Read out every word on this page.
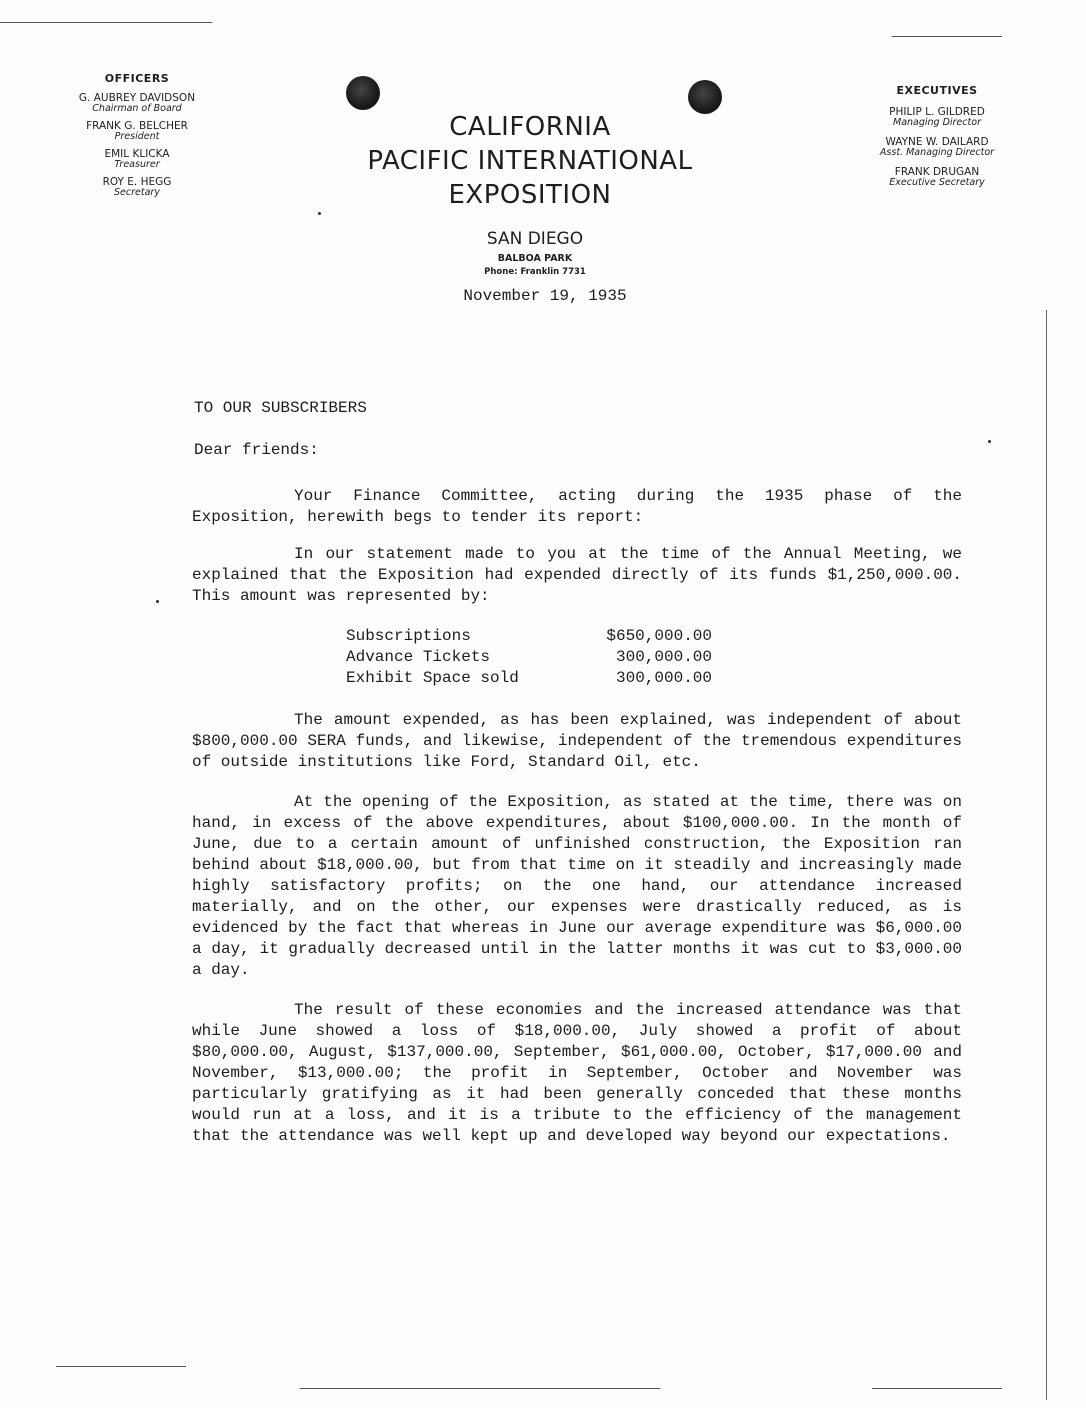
OFFICERS
G. AUBREY DAVIDSON
Chairman of Board
FRANK G. BELCHER
President
EMIL KLICKA
Treasurer
ROY E. HEGG
Secretary
CALIFORNIA
PACIFIC INTERNATIONAL
EXPOSITION
EXECUTIVES
PHILIP L. GILDRED
Managing Director
WAYNE W. DAILARD
Asst. Managing Director
FRANK DRUGAN
Executive Secretary
SAN DIEGO
BALBOA PARK
Phone: Franklin 7731
November 19, 1935
TO OUR SUBSCRIBERS
Dear friends:
Your Finance Committee, acting during the 1935 phase of the Exposition, herewith begs to tender its report:
In our statement made to you at the time of the Annual Meeting, we explained that the Exposition had expended directly of its funds $1,250,000.00. This amount was represented by:
Subscriptions	$650,000.00
Advance Tickets	300,000.00
Exhibit Space sold	300,000.00
The amount expended, as has been explained, was independent of about $800,000.00 SERA funds, and likewise, independent of the tremendous expenditures of outside institutions like Ford, Standard Oil, etc.
At the opening of the Exposition, as stated at the time, there was on hand, in excess of the above expenditures, about $100,000.00. In the month of June, due to a certain amount of unfinished construction, the Exposition ran behind about $18,000.00, but from that time on it steadily and increasingly made highly satisfactory profits; on the one hand, our attendance increased materially, and on the other, our expenses were drastically reduced, as is evidenced by the fact that whereas in June our average expenditure was $6,000.00 a day, it gradually decreased until in the latter months it was cut to $3,000.00 a day.
The result of these economies and the increased attendance was that while June showed a loss of $18,000.00, July showed a profit of about $80,000.00, August, $137,000.00, September, $61,000.00, October, $17,000.00 and November, $13,000.00; the profit in September, October and November was particularly gratifying as it had been generally conceded that these months would run at a loss, and it is a tribute to the efficiency of the management that the attendance was well kept up and developed way beyond our expectations.
